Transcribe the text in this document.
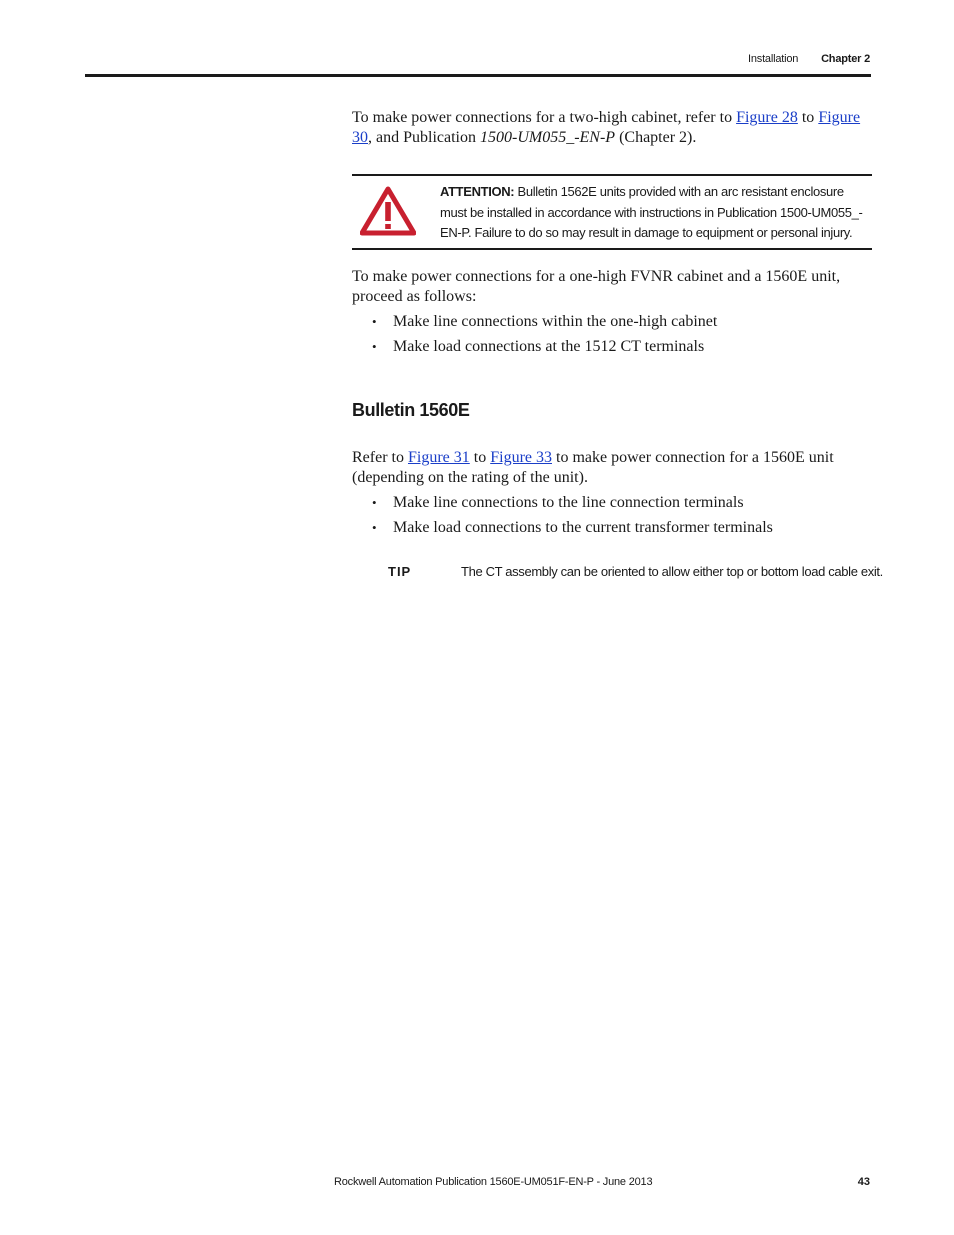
Installation Chapter 2

To make power connections for a two-high cabinet, refer to Figure 28 to Figure 30, and Publication 1500-UM055_-EN-P (Chapter 2).

ATTENTION: Bulletin 1562E units provided with an arc resistant enclosure must be installed in accordance with instructions in Publication 1500-UM055_-EN-P. Failure to do so may result in damage to equipment or personal injury.

To make power connections for a one-high FVNR cabinet and a 1560E unit, proceed as follows:

• Make line connections within the one-high cabinet
• Make load connections at the 1512 CT terminals
Bulletin 1560E

Refer to Figure 31 to Figure 33 to make power connection for a 1560E unit (depending on the rating of the unit).

• Make line connections to the line connection terminals
• Make load connections to the current transformer terminals
TIP	The CT assembly can be oriented to allow either top or bottom load cable exit.
Rockwell Automation Publication 1560E-UM051F-EN-P - June 2013	43
